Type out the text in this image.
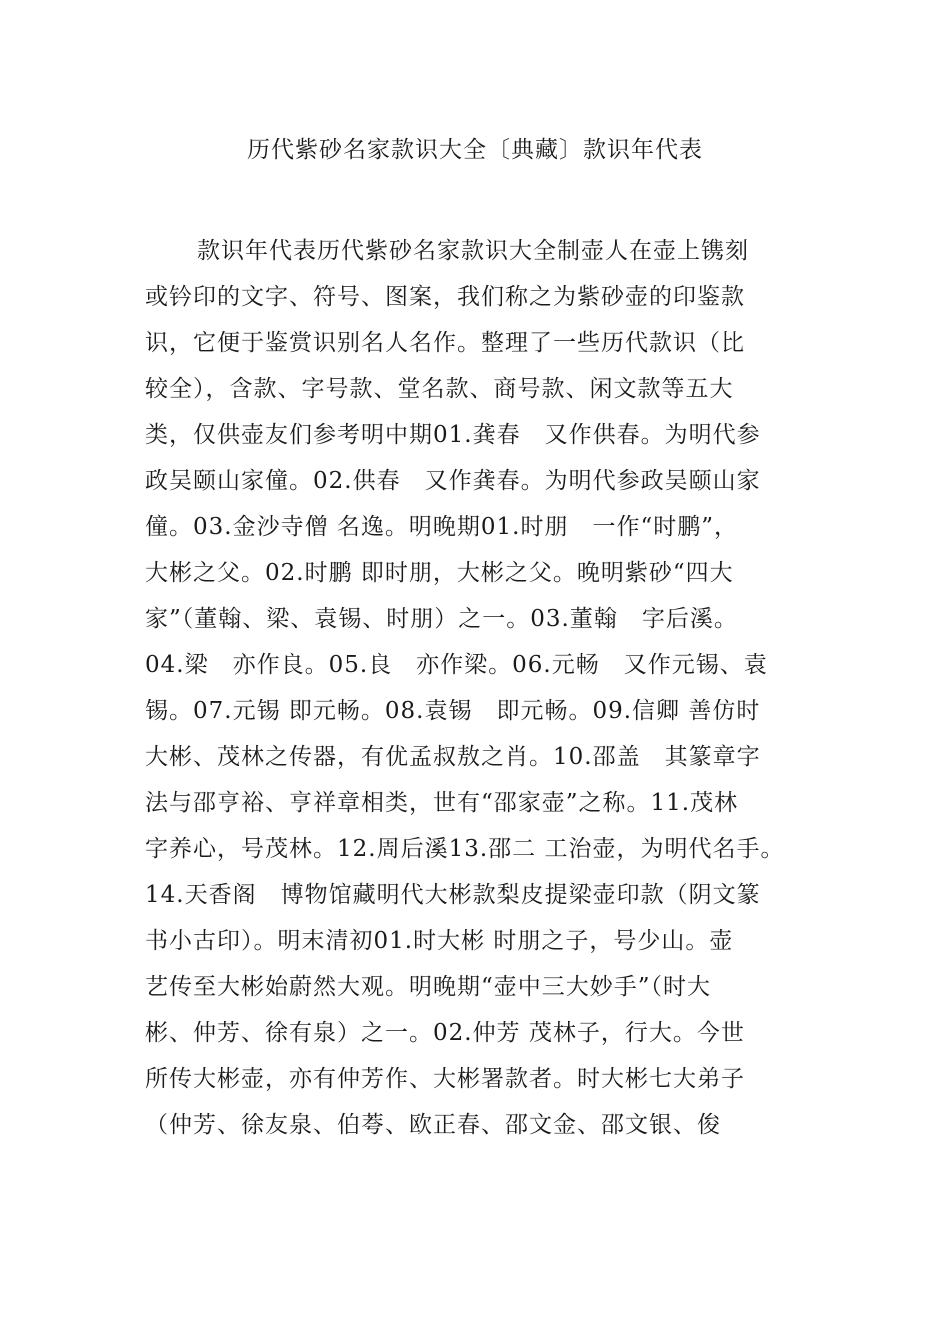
历代紫砂名家款识大全〔典藏〕款识年代表
款识年代表历代紫砂名家款识大全制壶人在壶上镌刻
或钤印的文字、符号、图案，我们称之为紫砂壶的印鉴款
识，它便于鉴赏识别名人名作。整理了一些历代款识（比
较全），含款、字号款、堂名款、商号款、闲文款等五大
类，仅供壶友们参考明中期01.龚春　又作供春。为明代参
政吴颐山家僮。02.供春　又作龚春。为明代参政吴颐山家
僮。03.金沙寺僧 名逸。明晚期01.时朋　一作“时鹏”，
大彬之父。02.时鹏 即时朋，大彬之父。晚明紫砂“四大
家”（董翰、梁、袁锡、时朋）之一。03.董翰　字后溪。
04.梁　亦作良。05.良　亦作梁。06.元畅　又作元锡、袁
锡。07.元锡 即元畅。08.袁锡　即元畅。09.信卿 善仿时
大彬、茂林之传器，有优孟叔敖之肖。10.邵盖　其篆章字
法与邵亨裕、亨祥章相类，世有“邵家壶”之称。11.茂林
字养心，号茂林。12.周后溪13.邵二 工治壶，为明代名手。
14.天香阁　博物馆藏明代大彬款梨皮提梁壶印款（阴文篆
书小古印）。明末清初01.时大彬 时朋之子，号少山。壶
艺传至大彬始蔚然大观。明晚期“壶中三大妙手”（时大
彬、仲芳、徐有泉）之一。02.仲芳 茂林子，行大。今世
所传大彬壶，亦有仲芳作、大彬署款者。时大彬七大弟子
（仲芳、徐友泉、伯荂、欧正春、邵文金、邵文银、俊
